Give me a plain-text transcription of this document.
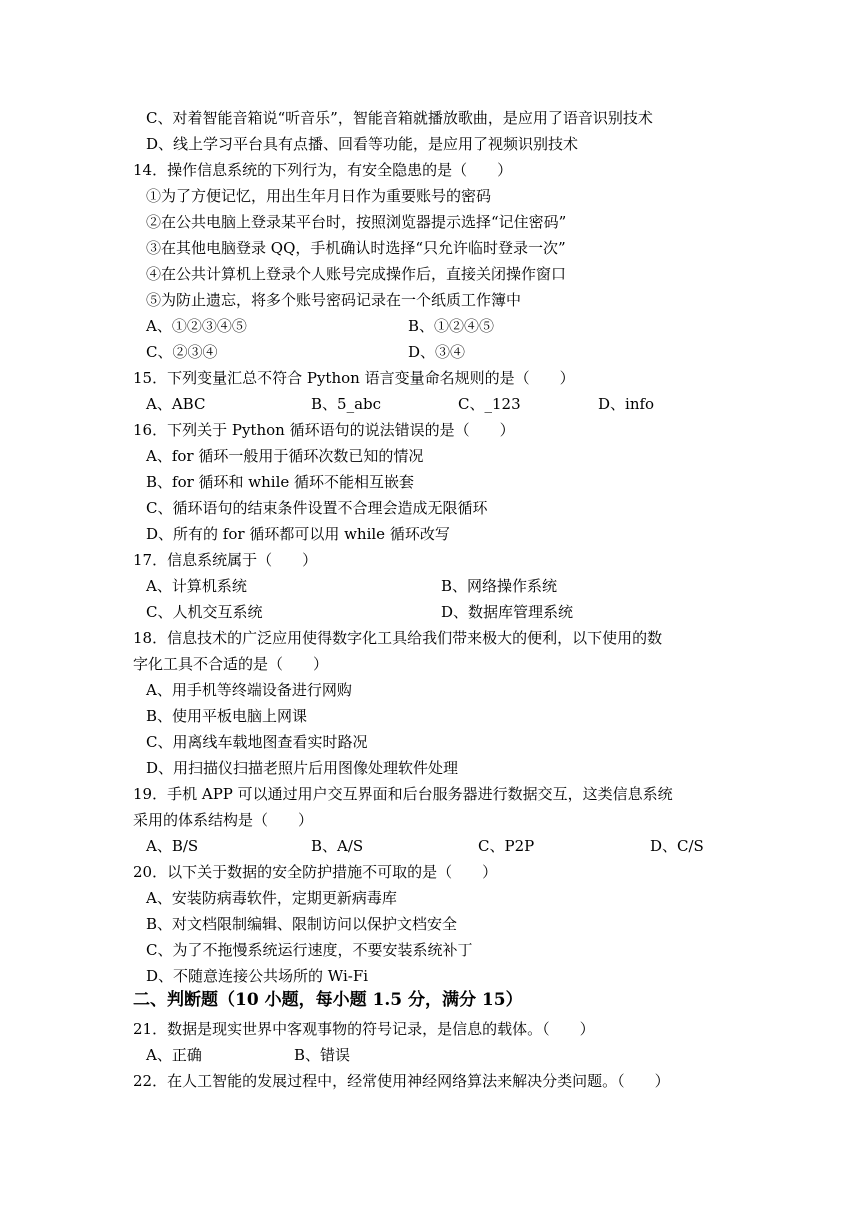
C、对着智能音箱说“听音乐”，智能音箱就播放歌曲，是应用了语音识别技术
D、线上学习平台具有点播、回看等功能，是应用了视频识别技术
14．操作信息系统的下列行为，有安全隐患的是（　　）
①为了方便记忆，用出生年月日作为重要账号的密码
②在公共电脑上登录某平台时，按照浏览器提示选择“记住密码”
③在其他电脑登录 QQ，手机确认时选择“只允许临时登录一次”
④在公共计算机上登录个人账号完成操作后，直接关闭操作窗口
⑤为防止遗忘，将多个账号密码记录在一个纸质工作簿中
A、①②③④⑤	B、①②④⑤
C、②③④	D、③④
15．下列变量汇总不符合 Python 语言变量命名规则的是（　　）
A、ABC	B、5_abc	C、_123	D、info
16．下列关于 Python 循环语句的说法错误的是（　　）
A、for 循环一般用于循环次数已知的情况
B、for 循环和 while 循环不能相互嵌套
C、循环语句的结束条件设置不合理会造成无限循环
D、所有的 for 循环都可以用 while 循环改写
17．信息系统属于（　　）
A、计算机系统	B、网络操作系统
C、人机交互系统	D、数据库管理系统
18．信息技术的广泛应用使得数字化工具给我们带来极大的便利，以下使用的数
字化工具不合适的是（　　）
A、用手机等终端设备进行网购
B、使用平板电脑上网课
C、用离线车载地图查看实时路况
D、用扫描仪扫描老照片后用图像处理软件处理
19．手机 APP 可以通过用户交互界面和后台服务器进行数据交互，这类信息系统
采用的体系结构是（　　）
A、B/S	B、A/S	C、P2P	D、C/S
20．以下关于数据的安全防护措施不可取的是（　　）
A、安装防病毒软件，定期更新病毒库
B、对文档限制编辑、限制访问以保护文档安全
C、为了不拖慢系统运行速度，不要安装系统补丁
D、不随意连接公共场所的 Wi-Fi
二、判断题（10 小题，每小题 1.5 分，满分 15）
21．数据是现实世界中客观事物的符号记录，是信息的载体。（　　）
A、正确	B、错误
22．在人工智能的发展过程中，经常使用神经网络算法来解决分类问题。（　　）
